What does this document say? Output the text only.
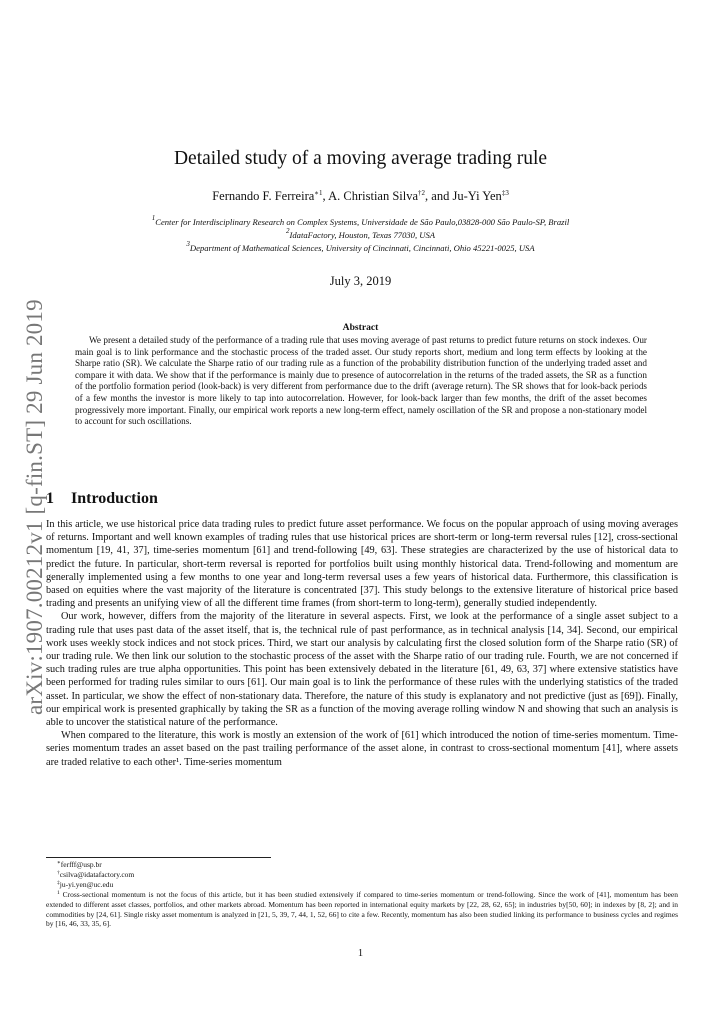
arXiv:1907.00212v1 [q-fin.ST] 29 Jun 2019
Detailed study of a moving average trading rule
Fernando F. Ferreira$^{∗1}$, A. Christian Silva$^{\dagger 2}$, and Ju-Yi Yen$^{\ddagger 3}$
$^1$Center for Interdisciplinary Research on Complex Systems, Universidade de São Paulo,03828-000 São Paulo-SP, Brazil
$^2$IdataFactory, Houston, Texas 77030, USA
$^3$Department of Mathematical Sciences, University of Cincinnati, Cincinnati, Ohio 45221-0025, USA
July 3, 2019
Abstract

We present a detailed study of the performance of a trading rule that uses moving average of past returns to predict future returns on stock indexes. Our main goal is to link performance and the stochastic process of the traded asset. Our study reports short, medium and long term effects by looking at the Sharpe ratio (SR). We calculate the Sharpe ratio of our trading rule as a function of the probability distribution function of the underlying traded asset and compare it with data. We show that if the performance is mainly due to presence of autocorrelation in the returns of the traded assets, the SR as a function of the portfolio formation period (look-back) is very different from performance due to the drift (average return). The SR shows that for look-back periods of a few months the investor is more likely to tap into autocorrelation. However, for look-back larger than few months, the drift of the asset becomes progressively more important. Finally, our empirical work reports a new long-term effect, namely oscillation of the SR and propose a non-stationary model to account for such oscillations.

1 Introduction

In this article, we use historical price data trading rules to predict future asset performance. We focus on the popular approach of using moving averages of returns. Important and well known examples of trading rules that use historical prices are short-term or long-term reversal rules [12], cross-sectional momentum [19, 41, 37], time-series momentum [61] and trend-following [49, 63]. These strategies are characterized by the use of historical data to predict the future. In particular, short-term reversal is reported for portfolios built using monthly historical data. Trend-following and momentum are generally implemented using a few months to one year and long-term reversal uses a few years of historical data. Furthermore, this classification is based on equities where the vast majority of the literature is concentrated [37]. This study belongs to the extensive literature of historical price based trading and presents an unifying view of all the different time frames (from short-term to long-term), generally studied independently.

Our work, however, differs from the majority of the literature in several aspects. First, we look at the performance of a single asset subject to a trading rule that uses past data of the asset itself, that is, the technical rule of past performance, as in technical analysis [14, 34]. Second, our empirical work uses weekly stock indices and not stock prices. Third, we start our analysis by calculating first the closed solution form of the Sharpe ratio (SR) of our trading rule. We then link our solution to the stochastic process of the asset with the Sharpe ratio of our trading rule. Fourth, we are not concerned if such trading rules are true alpha opportunities. This point has been extensively debated in the literature [61, 49, 63, 37] where extensive statistics have been performed for trading rules similar to ours [61]. Our main goal is to link the performance of these rules with the underlying statistics of the traded asset. In particular, we show the effect of non-stationary data. Therefore, the nature of this study is explanatory and not predictive (just as [69]). Finally, our empirical work is presented graphically by taking the SR as a function of the moving average rolling window N and showing that such an analysis is able to uncover the statistical nature of the performance.

When compared to the literature, this work is mostly an extension of the work of [61] which introduced the notion of time-series momentum. Time-series momentum trades an asset based on the past trailing performance of the asset alone, in contrast to cross-sectional momentum [41], where assets are traded relative to each other¹. Time-series momentum

∗ferfff@usp.br

†csilva@idatafactory.com

‡ju-yi.yen@uc.edu

$^1$ Cross-sectional momentum is not the focus of this article, but it has been studied extensively if compared to time-series momentum or trend-following. Since the work of [41], momentum has been extended to different asset classes, portfolios, and other markets abroad. Momentum has been reported in international equity markets by [22, 28, 62, 65]; in industries by[50, 60]; in indexes by [8, 2]; and in commodities by [24, 61]. Single risky asset momentum is analyzed in [21, 5, 39, 7, 44, 1, 52, 66] to cite a few. Recently, momentum has also been studied linking its performance to business cycles and regimes by [16, 46, 33, 35, 6].

1
